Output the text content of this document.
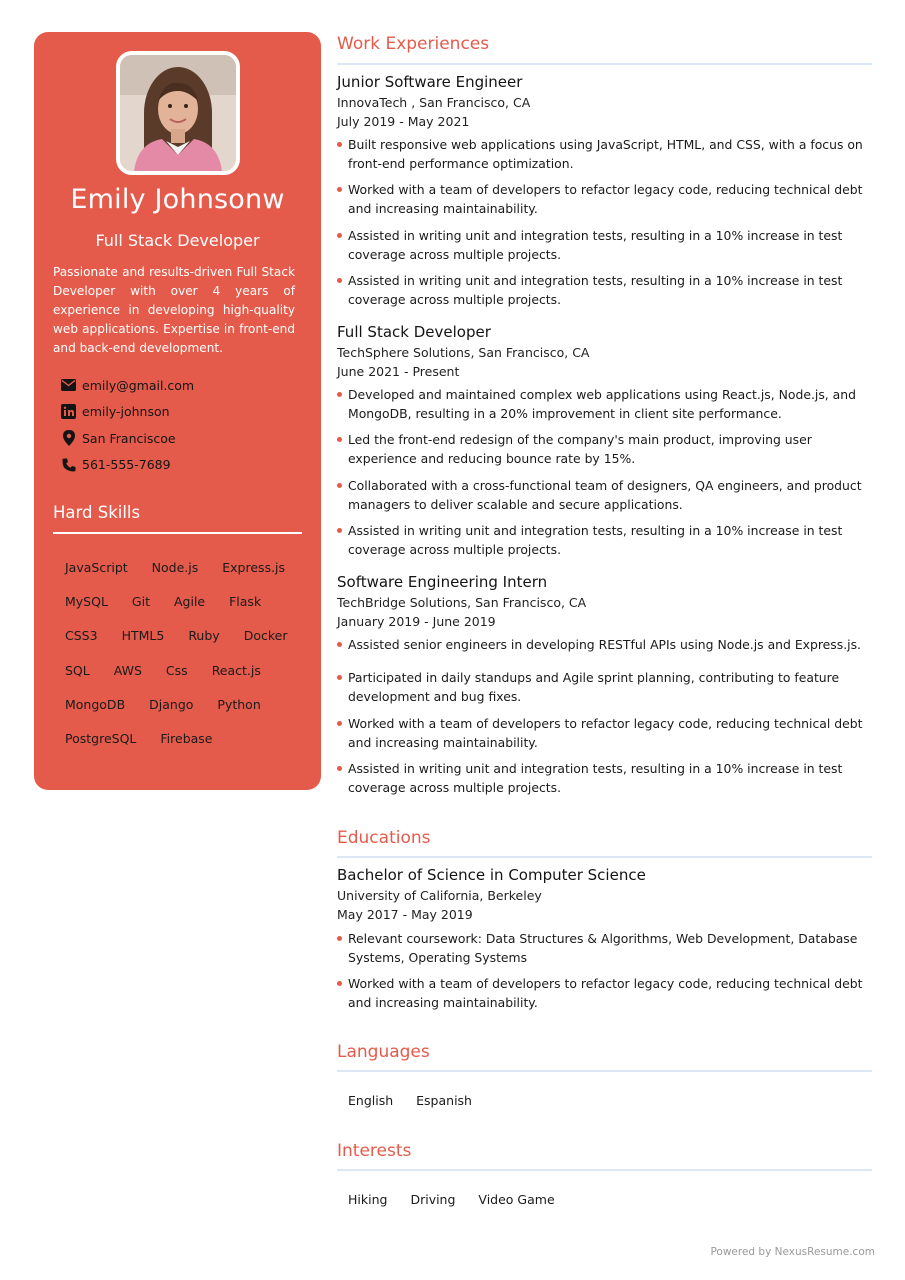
Emily Johnsonw
Full Stack Developer
Passionate and results-driven Full Stack Developer with over 4 years of experience in developing high-quality web applications. Expertise in front-end and back-end development.
emily@gmail.com
emily-johnson
San Franciscoe
561-555-7689
Hard Skills
JavaScript	Node.js	Express.js
MySQL	Git	Agile	Flask
CSS3	HTML5	Ruby	Docker
SQL	AWS	Css	React.js
MongoDB	Django	Python
PostgreSQL	Firebase
Work Experiences
Junior Software Engineer
InnovaTech , San Francisco, CA
July 2019 - May 2021
Built responsive web applications using JavaScript, HTML, and CSS, with a focus on front-end performance optimization.
Worked with a team of developers to refactor legacy code, reducing technical debt and increasing maintainability.
Assisted in writing unit and integration tests, resulting in a 10% increase in test coverage across multiple projects.
Assisted in writing unit and integration tests, resulting in a 10% increase in test coverage across multiple projects.
Full Stack Developer
TechSphere Solutions, San Francisco, CA
June 2021 - Present
Developed and maintained complex web applications using React.js, Node.js, and MongoDB, resulting in a 20% improvement in client site performance.
Led the front-end redesign of the company's main product, improving user experience and reducing bounce rate by 15%.
Collaborated with a cross-functional team of designers, QA engineers, and product managers to deliver scalable and secure applications.
Assisted in writing unit and integration tests, resulting in a 10% increase in test coverage across multiple projects.
Software Engineering Intern
TechBridge Solutions, San Francisco, CA
January 2019 - June 2019
Assisted senior engineers in developing RESTful APIs using Node.js and Express.js.
Participated in daily standups and Agile sprint planning, contributing to feature development and bug fixes.
Worked with a team of developers to refactor legacy code, reducing technical debt and increasing maintainability.
Assisted in writing unit and integration tests, resulting in a 10% increase in test coverage across multiple projects.
Educations
Bachelor of Science in Computer Science
University of California, Berkeley
May 2017 - May 2019
Relevant coursework: Data Structures & Algorithms, Web Development, Database Systems, Operating Systems
Worked with a team of developers to refactor legacy code, reducing technical debt and increasing maintainability.
Languages
English Espanish
Interests
Hiking Driving Video Game
Powered by NexusResume.com
